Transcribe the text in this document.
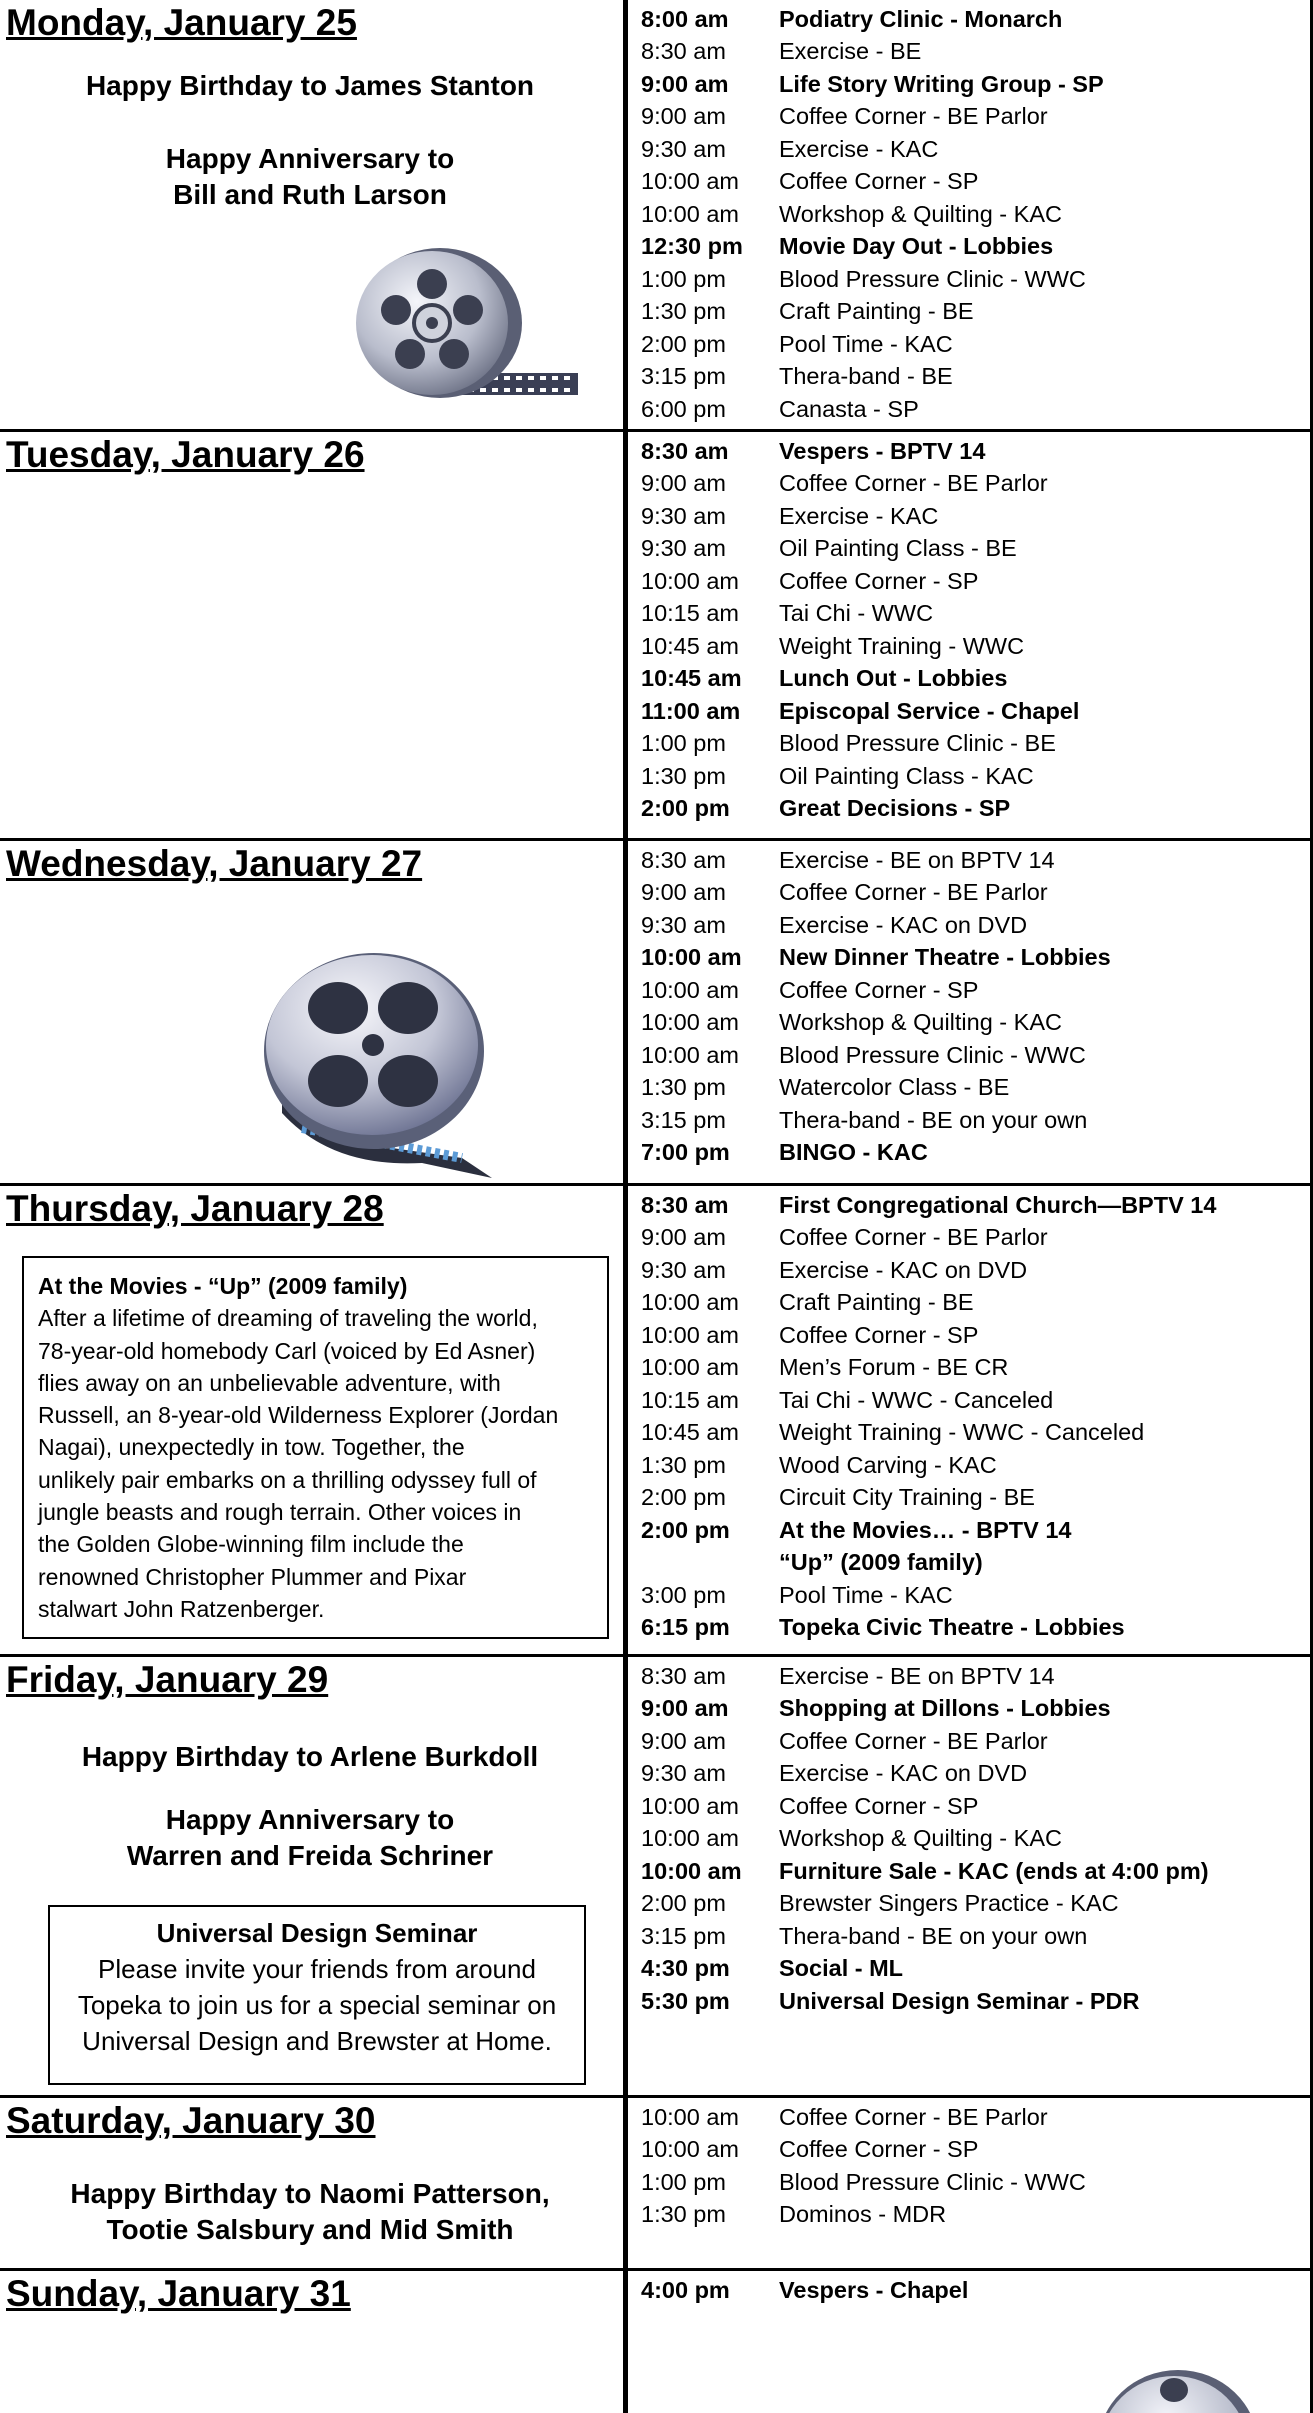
Monday, January 25
Happy Birthday to James Stanton
Happy Anniversary to
Bill and Ruth Larson
8:00 am	Podiatry Clinic - Monarch
8:30 am	Exercise - BE
9:00 am	Life Story Writing Group - SP
9:00 am	Coffee Corner - BE Parlor
9:30 am	Exercise - KAC
10:00 am	Coffee Corner - SP
10:00 am	Workshop & Quilting - KAC
12:30 pm	Movie Day Out - Lobbies
1:00 pm	Blood Pressure Clinic - WWC
1:30 pm	Craft Painting - BE
2:00 pm	Pool Time - KAC
3:15 pm	Thera-band - BE
6:00 pm	Canasta - SP
Tuesday, January 26	8:30 am	Vespers - BPTV 14
9:00 am	Coffee Corner - BE Parlor
9:30 am	Exercise - KAC
9:30 am	Oil Painting Class - BE
10:00 am	Coffee Corner - SP
10:15 am	Tai Chi - WWC
10:45 am	Weight Training - WWC
10:45 am	Lunch Out - Lobbies
11:00 am	Episcopal Service - Chapel
1:00 pm	Blood Pressure Clinic - BE
1:30 pm	Oil Painting Class - KAC
2:00 pm	Great Decisions - SP
Wednesday, January 27	8:30 am	Exercise - BE on BPTV 14
9:00 am	Coffee Corner - BE Parlor
9:30 am	Exercise - KAC on DVD
10:00 am	New Dinner Theatre - Lobbies
10:00 am	Coffee Corner - SP
10:00 am	Workshop & Quilting - KAC
10:00 am	Blood Pressure Clinic - WWC
1:30 pm	Watercolor Class - BE
3:15 pm	Thera-band - BE on your own
7:00 pm	BINGO - KAC
Thursday, January 28
At the Movies - “Up” (2009 family)
After a lifetime of dreaming of traveling the world,
78-year-old homebody Carl (voiced by Ed Asner)
flies away on an unbelievable adventure, with
Russell, an 8-year-old Wilderness Explorer (Jordan
Nagai), unexpectedly in tow. Together, the
unlikely pair embarks on a thrilling odyssey full of
jungle beasts and rough terrain. Other voices in
the Golden Globe-winning film include the
renowned Christopher Plummer and Pixar
stalwart John Ratzenberger.
8:30 am	First Congregational Church—BPTV 14
9:00 am	Coffee Corner - BE Parlor
9:30 am	Exercise - KAC on DVD
10:00 am	Craft Painting - BE
10:00 am	Coffee Corner - SP
10:00 am	Men’s Forum - BE CR
10:15 am	Tai Chi - WWC - Canceled
10:45 am	Weight Training - WWC - Canceled
1:30 pm	Wood Carving - KAC
2:00 pm	Circuit City Training - BE
2:00 pm	At the Movies… - BPTV 14
“Up” (2009 family)
3:00 pm	Pool Time - KAC
6:15 pm	Topeka Civic Theatre - Lobbies
Friday, January 29
Happy Birthday to Arlene Burkdoll
Happy Anniversary to
Warren and Freida Schriner
Universal Design Seminar
Please invite your friends from around
Topeka to join us for a special seminar on
Universal Design and Brewster at Home.
8:30 am	Exercise - BE on BPTV 14
9:00 am	Shopping at Dillons - Lobbies
9:00 am	Coffee Corner - BE Parlor
9:30 am	Exercise - KAC on DVD
10:00 am	Coffee Corner - SP
10:00 am	Workshop & Quilting - KAC
10:00 am	Furniture Sale - KAC (ends at 4:00 pm)
2:00 pm	Brewster Singers Practice - KAC
3:15 pm	Thera-band - BE on your own
4:30 pm	Social - ML
5:30 pm	Universal Design Seminar - PDR
Saturday, January 30
Happy Birthday to Naomi Patterson,
Tootie Salsbury and Mid Smith
10:00 am	Coffee Corner - BE Parlor
10:00 am	Coffee Corner - SP
1:00 pm	Blood Pressure Clinic - WWC
1:30 pm	Dominos - MDR
Sunday, January 31	4:00 pm	Vespers - Chapel
